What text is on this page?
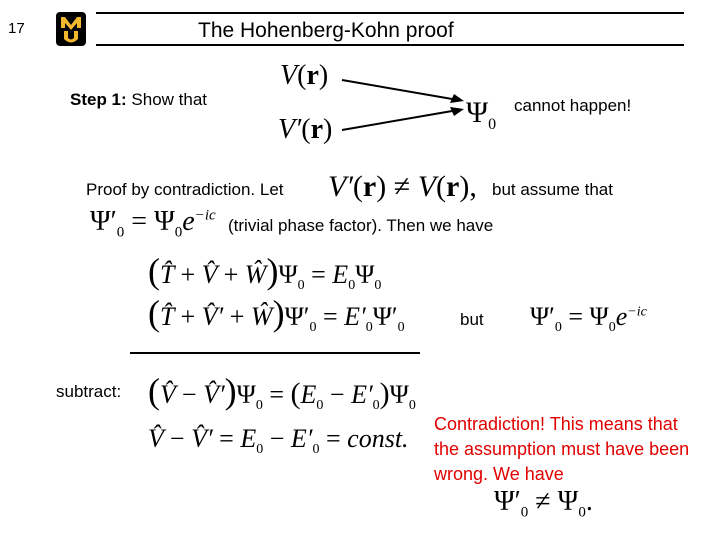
17	The Hohenberg-Kohn proof
Step 1: Show that
V(r)
V′(r)
$\Psi_0$
cannot happen!
Proof by contradiction. Let V′(r) ≠ V(r), but assume that
$\Psi'_0 = \Psi_0e^{-ic}$
(trivial phase factor). Then we have
(T̂ + V̂ + $Ŵ)\Psi_0 = E_0\Psi_0$
(T̂ + V̂′ + $Ŵ)\Psi'_0 = E'_0\Psi'_0$	but $\Psi'_0 = \Psi_0e^{-ic}$
subtract: (V̂ − $V̂')\Psi_0 = (E_0 - E'_0)\Psi_0$
V̂ − V̂′ = $E_0 - E'_0$ = const. Contradiction! This means that the assumption must have been wrong. We have
$\Psi'_0 \ne \Psi_0$.
